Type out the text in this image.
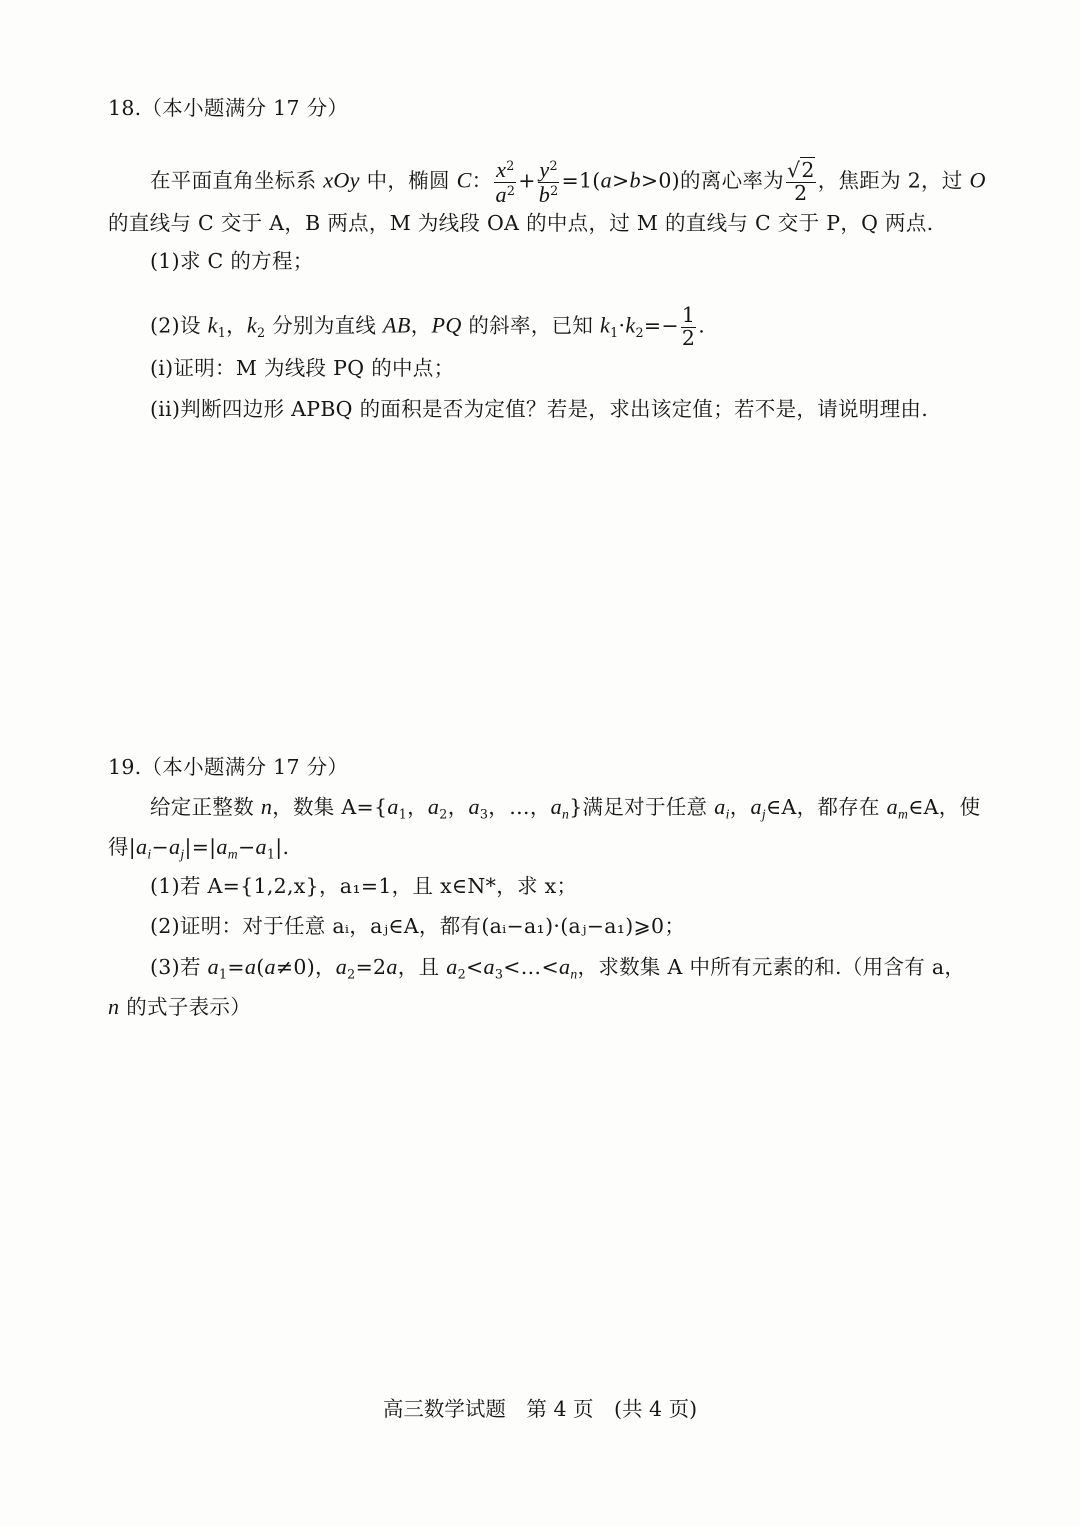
18.（本小题满分 17 分）
在平面直角坐标系 xOy 中，椭圆 C： $\frac{x^2}{a^2} + \frac{y^2}{b^2} =1(a>b>0)$的离心率为 $\frac{√2}{2}$ ，焦距为 2，过 O
的直线与 C 交于 A，B 两点，M 为线段 OA 的中点，过 M 的直线与 C 交于 P，Q 两点.
(1)求 C 的方程；
(2)设 $k_1$，$k_2$ 分别为直线 AB，PQ 的斜率，已知 $k_1\cdot k_2=- \frac{1}{2}$ .
(i)证明：M 为线段 PQ 的中点；
(ii)判断四边形 APBQ 的面积是否为定值？若是，求出该定值；若不是，请说明理由.
19.（本小题满分 17 分）
给定正整数 n，数集 $A=\{a_1$，$a_2$，$a_3$，…，$a_n$}满足对于任意 $a_i$，$a_j\in A$，都存在 $a_m\in A$，使
得$|a_i-a_j|=|a_m-a_1|$.
(1)若 A={1,2,x}，a₁=1，且 x∈N*，求 x；
(2)证明：对于任意 aᵢ，aⱼ∈A，都有(aᵢ−a₁)·(aⱼ−a₁)⩾0；
(3)若 $a_1=a(a\ne 0)$，$a_2=2a$，且 $a_2<a_3<\dots<a_n$，求数集 A 中所有元素的和.（用含有 a，
n 的式子表示）
高三数学试题　第 4 页　(共 4 页)
